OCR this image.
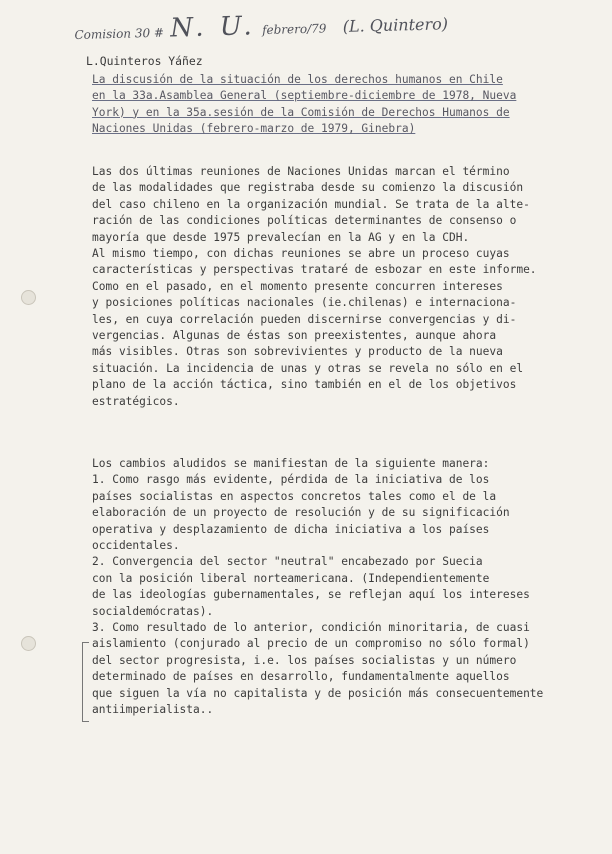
Comision 30 # N. U. febrero/79 (L. Quintero)
L.Quinteros Yáñez
La discusión de la situación de los derechos humanos en Chile
en la 33a.Asamblea General (septiembre-diciembre de 1978, Nueva
York) y en la 35a.sesión de la Comisión de Derechos Humanos de
Naciones Unidas (febrero-marzo de 1979, Ginebra)
Las dos últimas reuniones de Naciones Unidas marcan el término
de las modalidades que registraba desde su comienzo la discusión
del caso chileno en la organización mundial. Se trata de la alte-
ración de las condiciones políticas determinantes de consenso o
mayoría que desde 1975 prevalecían en la AG y en la CDH.
Al mismo tiempo, con dichas reuniones se abre un proceso cuyas
características y perspectivas trataré de esbozar en este informe.
Como en el pasado, en el momento presente concurren intereses
y posiciones políticas nacionales (ie.chilenas) e internaciona-
les, en cuya correlación pueden discernirse convergencias y di-
vergencias. Algunas de éstas son preexistentes, aunque ahora
más visibles. Otras son sobrevivientes y producto de la nueva
situación. La incidencia de unas y otras se revela no sólo en el
plano de la acción táctica, sino también en el de los objetivos
estratégicos.
Los cambios aludidos se manifiestan de la siguiente manera:
1. Como rasgo más evidente, pérdida de la iniciativa de los
países socialistas en aspectos concretos tales como el de la
elaboración de un proyecto de resolución y de su significación
operativa y desplazamiento de dicha iniciativa a los países
occidentales.
2. Convergencia del sector "neutral" encabezado por Suecia
con la posición liberal norteamericana. (Independientemente
de las ideologías gubernamentales, se reflejan aquí los intereses
socialdemócratas).
3. Como resultado de lo anterior, condición minoritaria, de cuasi
aislamiento (conjurado al precio de un compromiso no sólo formal)
del sector progresista, i.e. los países socialistas y un número
determinado de países en desarrollo, fundamentalmente aquellos
que siguen la vía no capitalista y de posición más consecuentemente
antiimperialista..
